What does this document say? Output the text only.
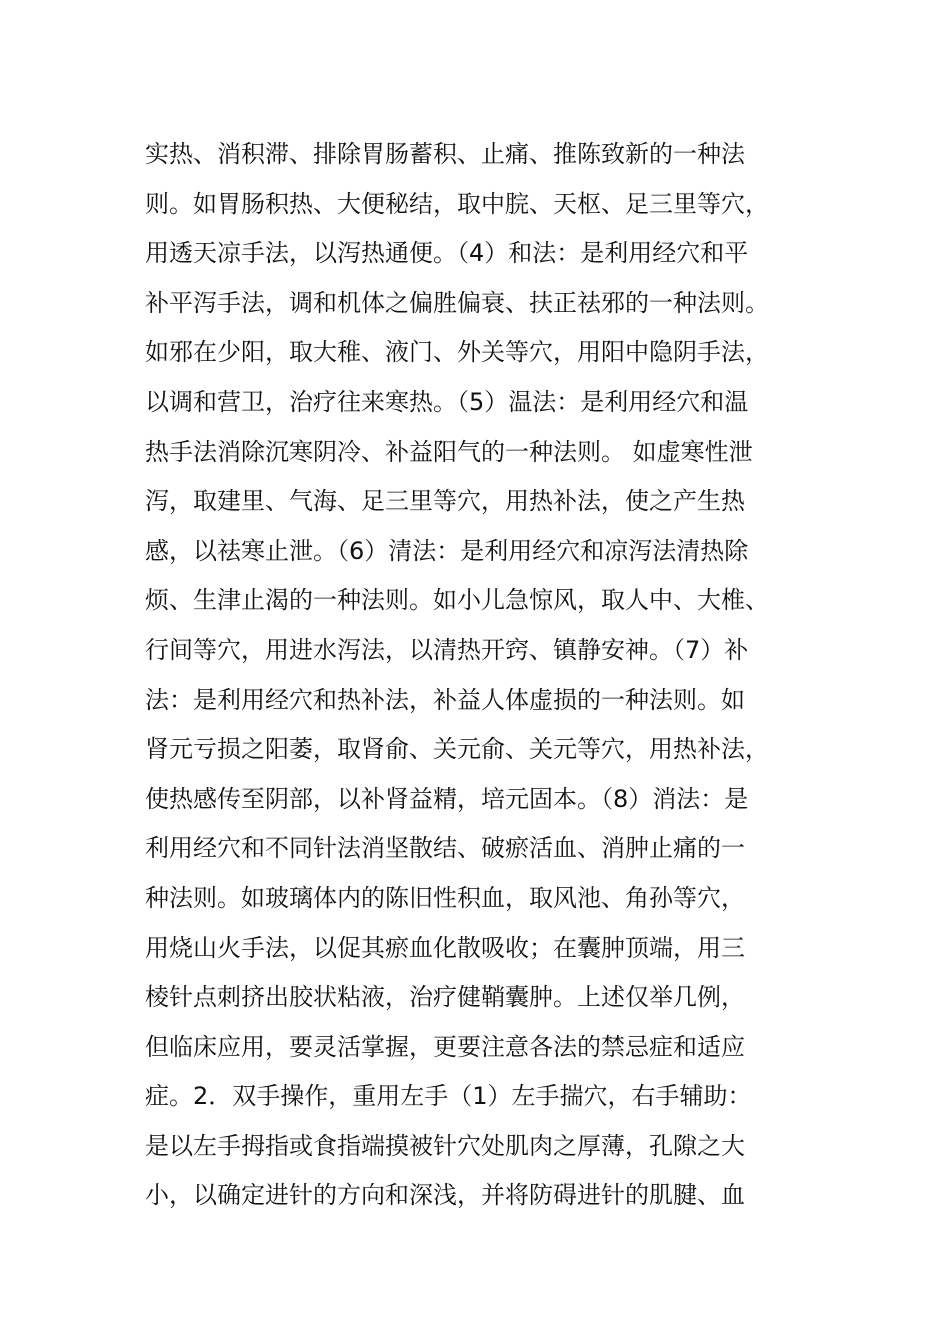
实热、消积滞、排除胃肠蓄积、止痛、推陈致新的一种法
则。如胃肠积热、大便秘结，取中脘、天枢、足三里等穴，
用透天凉手法，以泻热通便。（4）和法：是利用经穴和平
补平泻手法，调和机体之偏胜偏衰、扶正祛邪的一种法则。
如邪在少阳，取大稚、液门、外关等穴，用阳中隐阴手法，
以调和营卫，治疗往来寒热。（5）温法：是利用经穴和温
热手法消除沉寒阴冷、补益阳气的一种法则。 如虚寒性泄
泻，取建里、气海、足三里等穴，用热补法，使之产生热
感，以祛寒止泄。（6）清法：是利用经穴和凉泻法清热除
烦、生津止渴的一种法则。如小儿急惊风，取人中、大椎、
行间等穴，用进水泻法，以清热开窍、镇静安神。（7）补
法：是利用经穴和热补法，补益人体虚损的一种法则。如
肾元亏损之阳萎，取肾俞、关元俞、关元等穴，用热补法，
使热感传至阴部，以补肾益精，培元固本。（8）消法：是
利用经穴和不同针法消坚散结、破瘀活血、消肿止痛的一
种法则。如玻璃体内的陈旧性积血，取风池、角孙等穴，
用烧山火手法，以促其瘀血化散吸收；在囊肿顶端，用三
棱针点刺挤出胶状粘液，治疗健鞘囊肿。上述仅举几例，
但临床应用，要灵活掌握，更要注意各法的禁忌症和适应
症。2．双手操作，重用左手（1）左手揣穴，右手辅助：
是以左手拇指或食指端摸被针穴处肌肉之厚薄，孔隙之大
小，以确定进针的方向和深浅，并将防碍进针的肌腱、血
